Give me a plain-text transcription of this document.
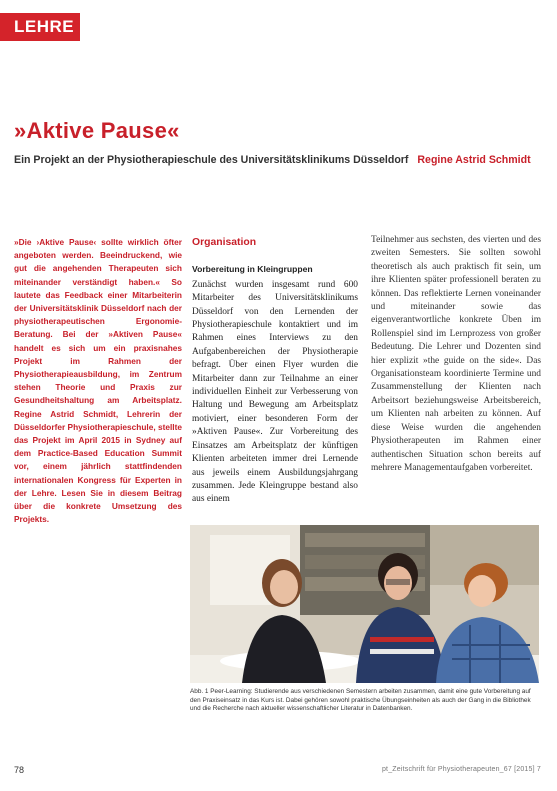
LEHRE
»Aktive Pause«
Ein Projekt an der Physiotherapieschule des Universitätsklinikums Düsseldorf Regine Astrid Schmidt
»Die ›Aktive Pause‹ sollte wirklich öfter angeboten werden. Beeindruckend, wie gut die angehenden Therapeuten sich miteinander verständigt haben.« So lautete das Feedback einer Mitarbeiterin der Universitätsklinik Düsseldorf nach der physiotherapeutischen Ergonomie-Beratung. Bei der »Aktiven Pause« handelt es sich um ein praxisnahes Projekt im Rahmen der Physiotherapieausbildung, im Zentrum stehen Theorie und Praxis zur Gesundheitshaltung am Arbeitsplatz. Regine Astrid Schmidt, Lehrerin der Düsseldorfer Physiotherapieschule, stellte das Projekt im April 2015 in Sydney auf dem Practice-Based Education Summit vor, einem jährlich stattfindenden internationalen Kongress für Experten in der Lehre. Lesen Sie in diesem Beitrag über die konkrete Umsetzung des Projekts.
Organisation
Vorbereitung in Kleingruppen

Zunächst wurden insgesamt rund 600 Mitarbeiter des Universitätsklinikums Düsseldorf von den Lernenden der Physiotherapieschule kontaktiert und im Rahmen eines Interviews zu den Aufgabenbereichen der Physiotherapie befragt. Über einen Flyer wurden die Mitarbeiter dann zur Teilnahme an einer individuellen Einheit zur Verbesserung von Haltung und Bewegung am Arbeitsplatz motiviert, einer besonderen Form der »Aktiven Pause«. Zur Vorbereitung des Einsatzes am Arbeitsplatz der künftigen Klienten arbeiteten immer drei Lernende aus jeweils einem Ausbildungsjahrgang zusammen. Jede Kleingruppe bestand also aus einem

Teilnehmer aus sechsten, des vierten und des zweiten Semesters. Sie sollten sowohl theoretisch als auch praktisch fit sein, um ihre Klienten später professionell beraten zu können. Das reflektierte Lernen voneinander und miteinander sowie das eigenverantwortliche konkrete Üben im Rollenspiel sind im Lernprozess von großer Bedeutung. Die Lehrer und Dozenten sind hier explizit »the guide on the side«. Das Organisationsteam koordinierte Termine und Zusammenstellung der Klienten nach Arbeitsort beziehungsweise Arbeitsbereich, um Klienten nah arbeiten zu können. Auf diese Weise wurden die angehenden Physiotherapeuten im Rahmen einer authentischen Situation schon bereits auf mehrere Managementaufgaben vorbereitet.

Abb. 1 Peer-Learning: Studierende aus verschiedenen Semestern arbeiten zusammen, damit eine gute Vorbereitung auf den Praxiseinsatz in das Kurs ist. Dabei gehören sowohl praktische Übungseinheiten als auch der Gang in die Bibliothek und die Recherche nach aktueller wissenschaftlicher Literatur in Datenbanken.
78	pt_Zeitschrift für Physiotherapeuten_67 [2015] 7
